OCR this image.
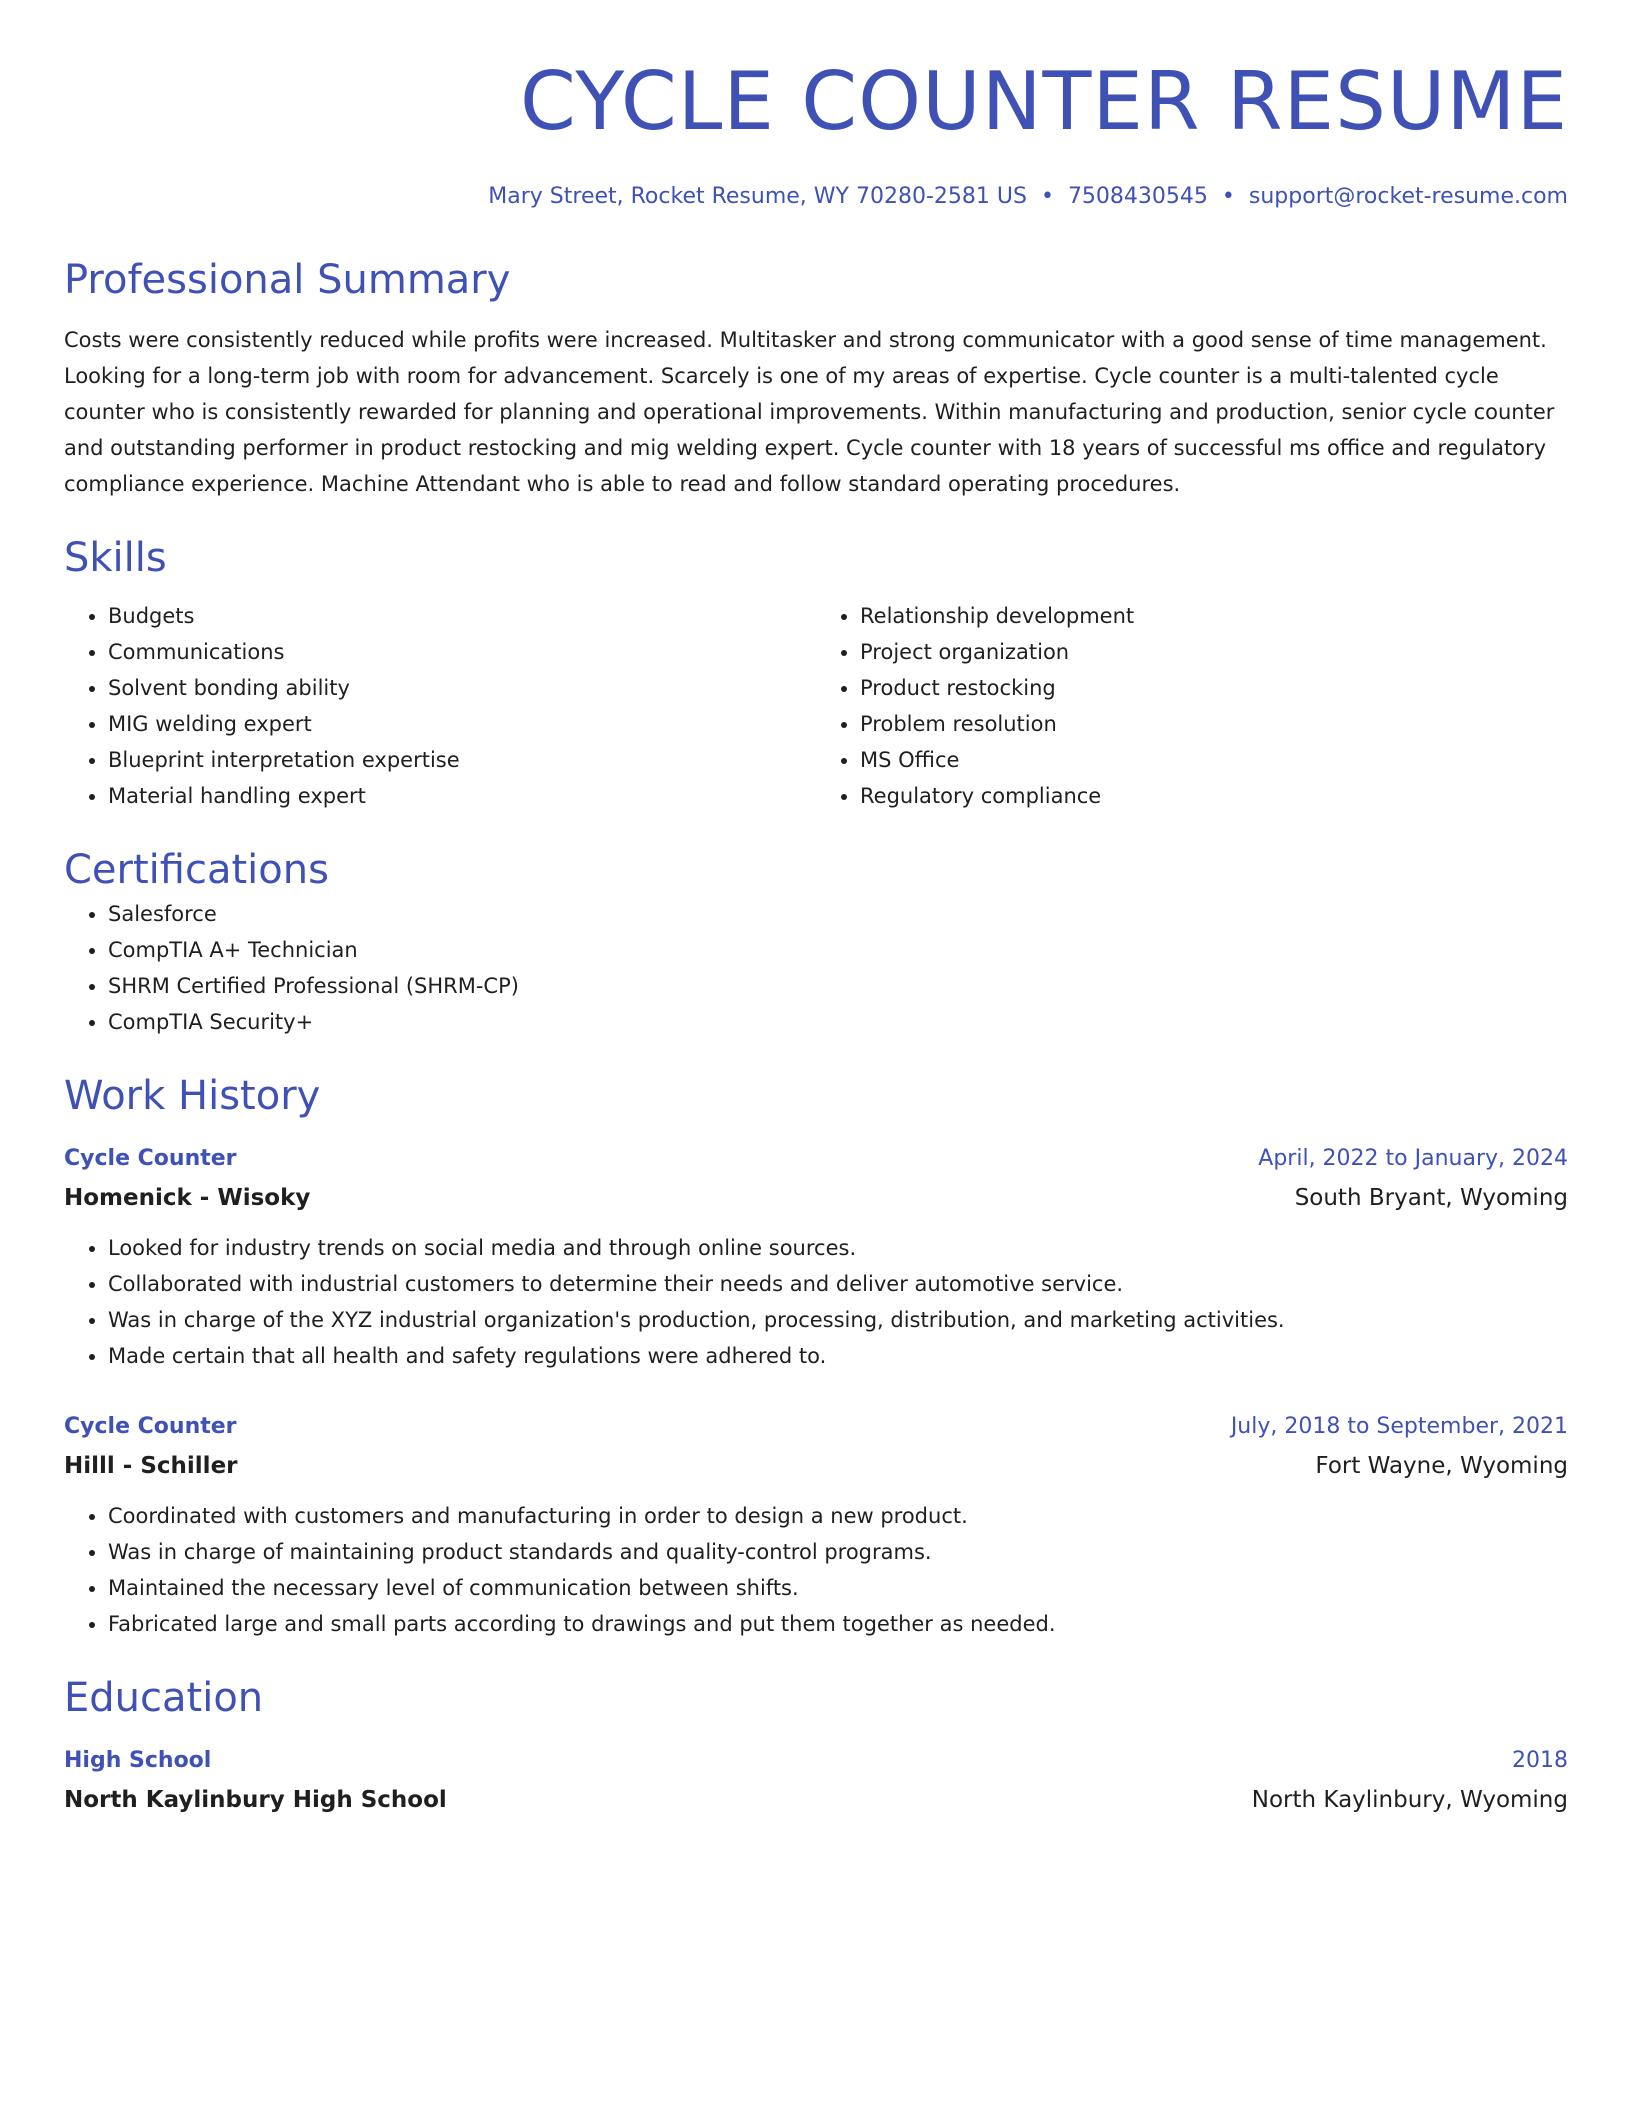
CYCLE COUNTER RESUME
Mary Street, Rocket Resume, WY 70280-2581 US • 7508430545 • support@rocket-resume.com
Professional Summary

Costs were consistently reduced while profits were increased. Multitasker and strong communicator with a good sense of time management. Looking for a long-term job with room for advancement. Scarcely is one of my areas of expertise. Cycle counter is a multi-talented cycle counter who is consistently rewarded for planning and operational improvements. Within manufacturing and production, senior cycle counter and outstanding performer in product restocking and mig welding expert. Cycle counter with 18 years of successful ms office and regulatory compliance experience. Machine Attendant who is able to read and follow standard operating procedures.

Skills
• Budgets
• Communications
• Solvent bonding ability
• MIG welding expert
• Blueprint interpretation expertise
• Material handling expert
• Relationship development
• Project organization
• Product restocking
• Problem resolution
• MS Office
• Regulatory compliance
Certifications
• Salesforce
• CompTIA A+ Technician
• SHRM Certified Professional (SHRM-CP)
• CompTIA Security+
Work History
Cycle Counter	April, 2022 to January, 2024
Homenick - Wisoky	South Bryant, Wyoming
• Looked for industry trends on social media and through online sources.
• Collaborated with industrial customers to determine their needs and deliver automotive service.
• Was in charge of the XYZ industrial organization's production, processing, distribution, and marketing activities.
• Made certain that all health and safety regulations were adhered to.
Cycle Counter	July, 2018 to September, 2021
Hilll - Schiller	Fort Wayne, Wyoming
• Coordinated with customers and manufacturing in order to design a new product.
• Was in charge of maintaining product standards and quality-control programs.
• Maintained the necessary level of communication between shifts.
• Fabricated large and small parts according to drawings and put them together as needed.
Education
High School	2018
North Kaylinbury High School	North Kaylinbury, Wyoming
